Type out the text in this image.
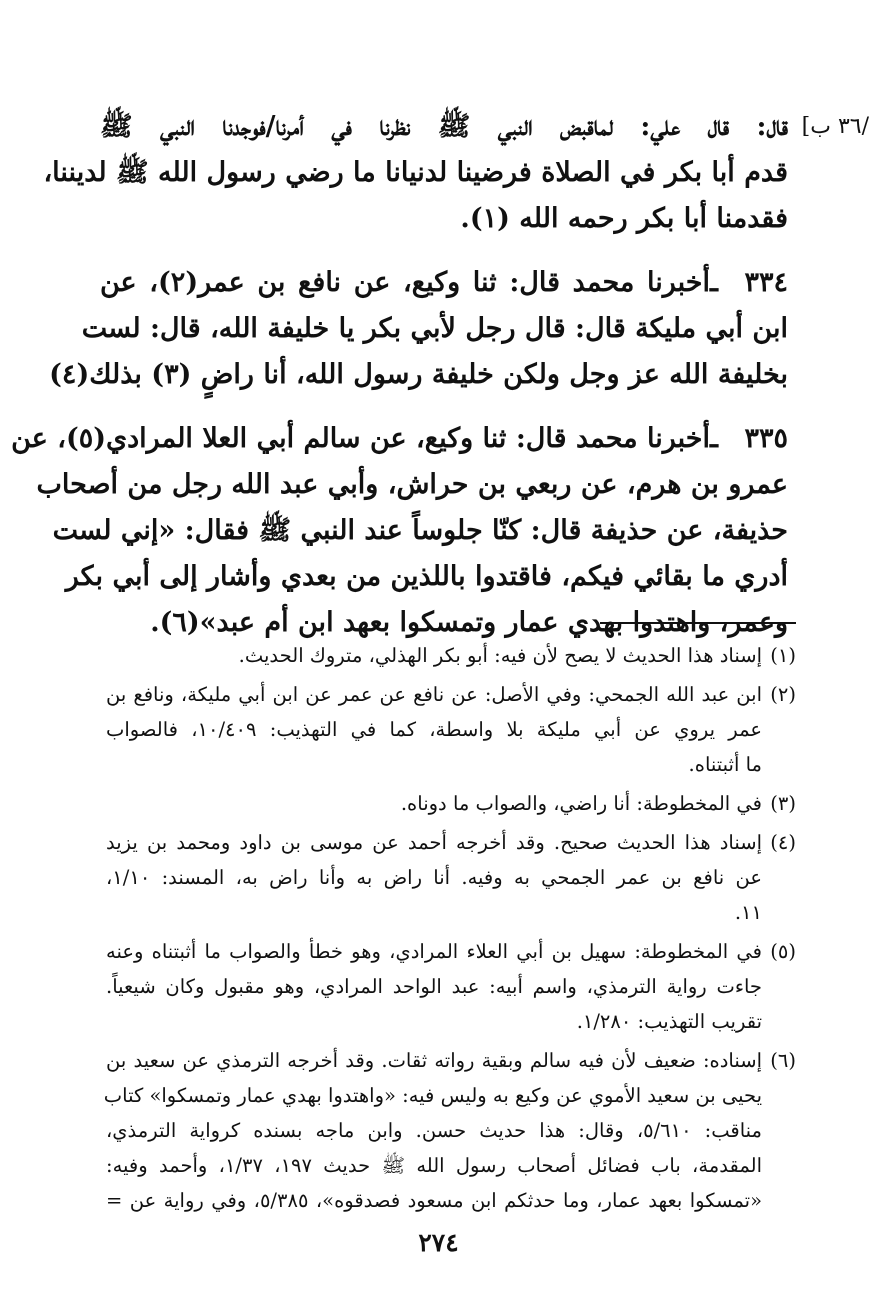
/٣٦ ب]
قال: قال علي: لماقبض النبي ﷺ نظرنا في أمرنا/فوجدنا النبي ﷺ
قدم أبا بكر في الصلاة فرضينا لدنيانا ما رضي رسول الله ﷺ لديننا،
فقدمنا أبا بكر رحمه الله (١).
٣٣٤ ـأخبرنا محمد قال: ثنا وكيع، عن نافع بن عمر(٢)، عن
ابن أبي مليكة قال: قال رجل لأبي بكر يا خليفة الله، قال: لست
بخليفة الله عز وجل ولكن خليفة رسول الله، أنا راضٍ (٣) بذلك(٤)
٣٣٥ ـأخبرنا محمد قال: ثنا وكيع، عن سالم أبي العلا المرادي(٥)، عن
عمرو بن هرم، عن ربعي بن حراش، وأبي عبد الله رجل من أصحاب
حذيفة، عن حذيفة قال: كنّا جلوساً عند النبي ﷺ فقال: «إني لست
أدري ما بقائي فيكم، فاقتدوا باللذين من بعدي وأشار إلى أبي بكر
وعمر، واهتدوا بهدي عمار وتمسكوا بعهد ابن أم عبد»(٦).
(١)إسناد هذا الحديث لا يصح لأن فيه: أبو بكر الهذلي، متروك الحديث.
(٢)ابن عبد الله الجمحي: وفي الأصل: عن نافع عن عمر عن ابن أبي مليكة، ونافع بن
عمر يروي عن أبي مليكة بلا واسطة، كما في التهذيب: ١٠/٤٠٩، فالصواب
ما أثبتناه.
(٣)في المخطوطة: أنا راضي، والصواب ما دوناه.
(٤)إسناد هذا الحديث صحيح. وقد أخرجه أحمد عن موسى بن داود ومحمد بن يزيد
عن نافع بن عمر الجمحي به وفيه. أنا راض به وأنا راض به، المسند: ١/١٠،
١١.
(٥)في المخطوطة: سهيل بن أبي العلاء المرادي، وهو خطأ والصواب ما أثبتناه وعنه
جاءت رواية الترمذي، واسم أبيه: عبد الواحد المرادي، وهو مقبول وكان شيعياً.
تقريب التهذيب: ١/٢٨٠.
(٦)إسناده: ضعيف لأن فيه سالم وبقية رواته ثقات. وقد أخرجه الترمذي عن سعيد بن
يحيى بن سعيد الأموي عن وكيع به وليس فيه: «واهتدوا بهدي عمار وتمسكوا» كتاب
مناقب: ٥/٦١٠، وقال: هذا حديث حسن. وابن ماجه بسنده كرواية الترمذي،
المقدمة، باب فضائل أصحاب رسول الله ﷺ حديث ١٩٧، ١/٣٧، وأحمد وفيه:
«تمسكوا بعهد عمار، وما حدثكم ابن مسعود فصدقوه»، ٥/٣٨٥، وفي رواية عن =
٢٧٤
